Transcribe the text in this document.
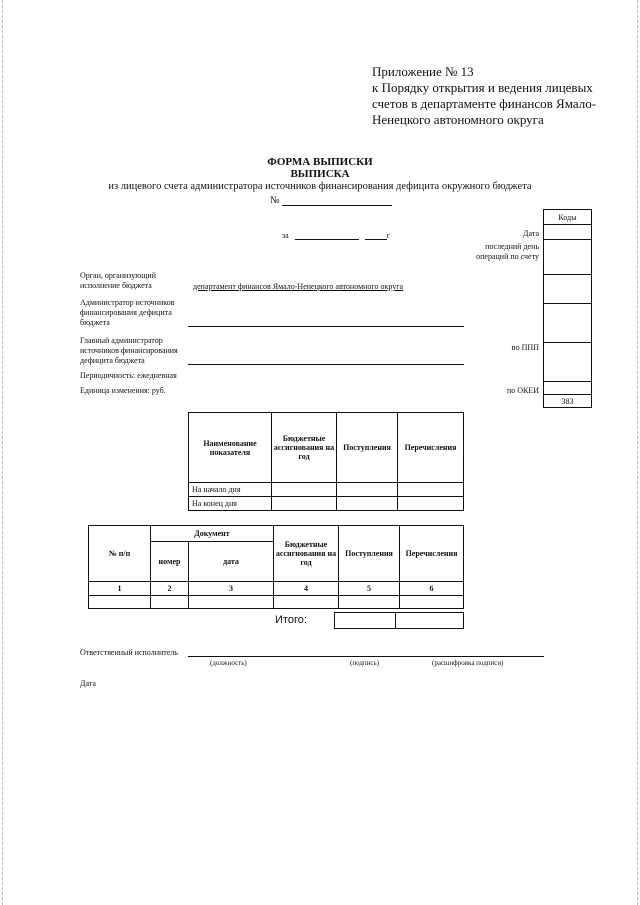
Приложение № 13
к Порядку открытия и ведения лицевых
счетов в департаменте финансов Ямало-
Ненецкого автономного округа
ФОРМА ВЫПИСКИ
ВЫПИСКА
из лицевого счета администратора источников финансирования дефицита окружного бюджета
№
за	г
Коды

383
Дата
последний день
операций по счету
по ППП
по ОКЕИ
Орган, организующий
исполнение бюджета	департамент финансов Ямало-Ненецкого автономного округа
Администратор источников
финансирования дефицита
бюджета
Главный администратор
источников финансирования
дефицита бюджета
Периодичность: ежедневная
Единица изменения: руб.
Наименование показателя	Бюджетные ассигнования на год	Поступления	Перечисления
На начало дня			
На конец дня			
№ п/п	Документ		Бюджетные ассигнования на год	Поступления	Перечисления
	номер	дата			
1	2	3	4	5	6

Итого:

Ответственный исполнитель
(должность)	(подпись)	(расшифровка подписи)
Дата
